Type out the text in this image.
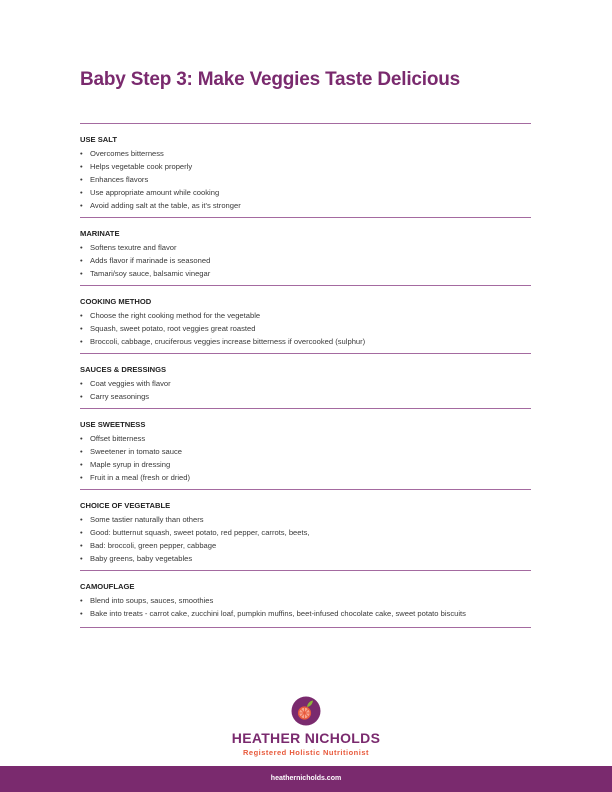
Baby Step 3: Make Veggies Taste Delicious
USE SALT
• Overcomes bitterness
• Helps vegetable cook properly
• Enhances flavors
• Use appropriate amount while cooking
• Avoid adding salt at the table, as it's stronger
MARINATE
• Softens texutre and flavor
• Adds flavor if marinade is seasoned
• Tamari/soy sauce, balsamic vinegar
COOKING METHOD
• Choose the right cooking method for the vegetable
• Squash, sweet potato, root veggies great roasted
• Broccoli, cabbage, cruciferous veggies increase bitterness if overcooked (sulphur)
SAUCES & DRESSINGS
• Coat veggies with flavor
• Carry seasonings
USE SWEETNESS
• Offset bitterness
• Sweetener in tomato sauce
• Maple syrup in dressing
• Fruit in a meal (fresh or dried)
CHOICE OF VEGETABLE
• Some tastier naturally than others
• Good: butternut squash, sweet potato, red pepper, carrots, beets,
• Bad: broccoli, green pepper, cabbage
• Baby greens, baby vegetables
CAMOUFLAGE
• Blend into soups, sauces, smoothies
• Bake into treats - carrot cake, zucchini loaf, pumpkin muffins, beet-infused chocolate cake, sweet potato biscuits
HEATHER NICHOLDS
Registered Holistic Nutritionist
heathernicholds.com
